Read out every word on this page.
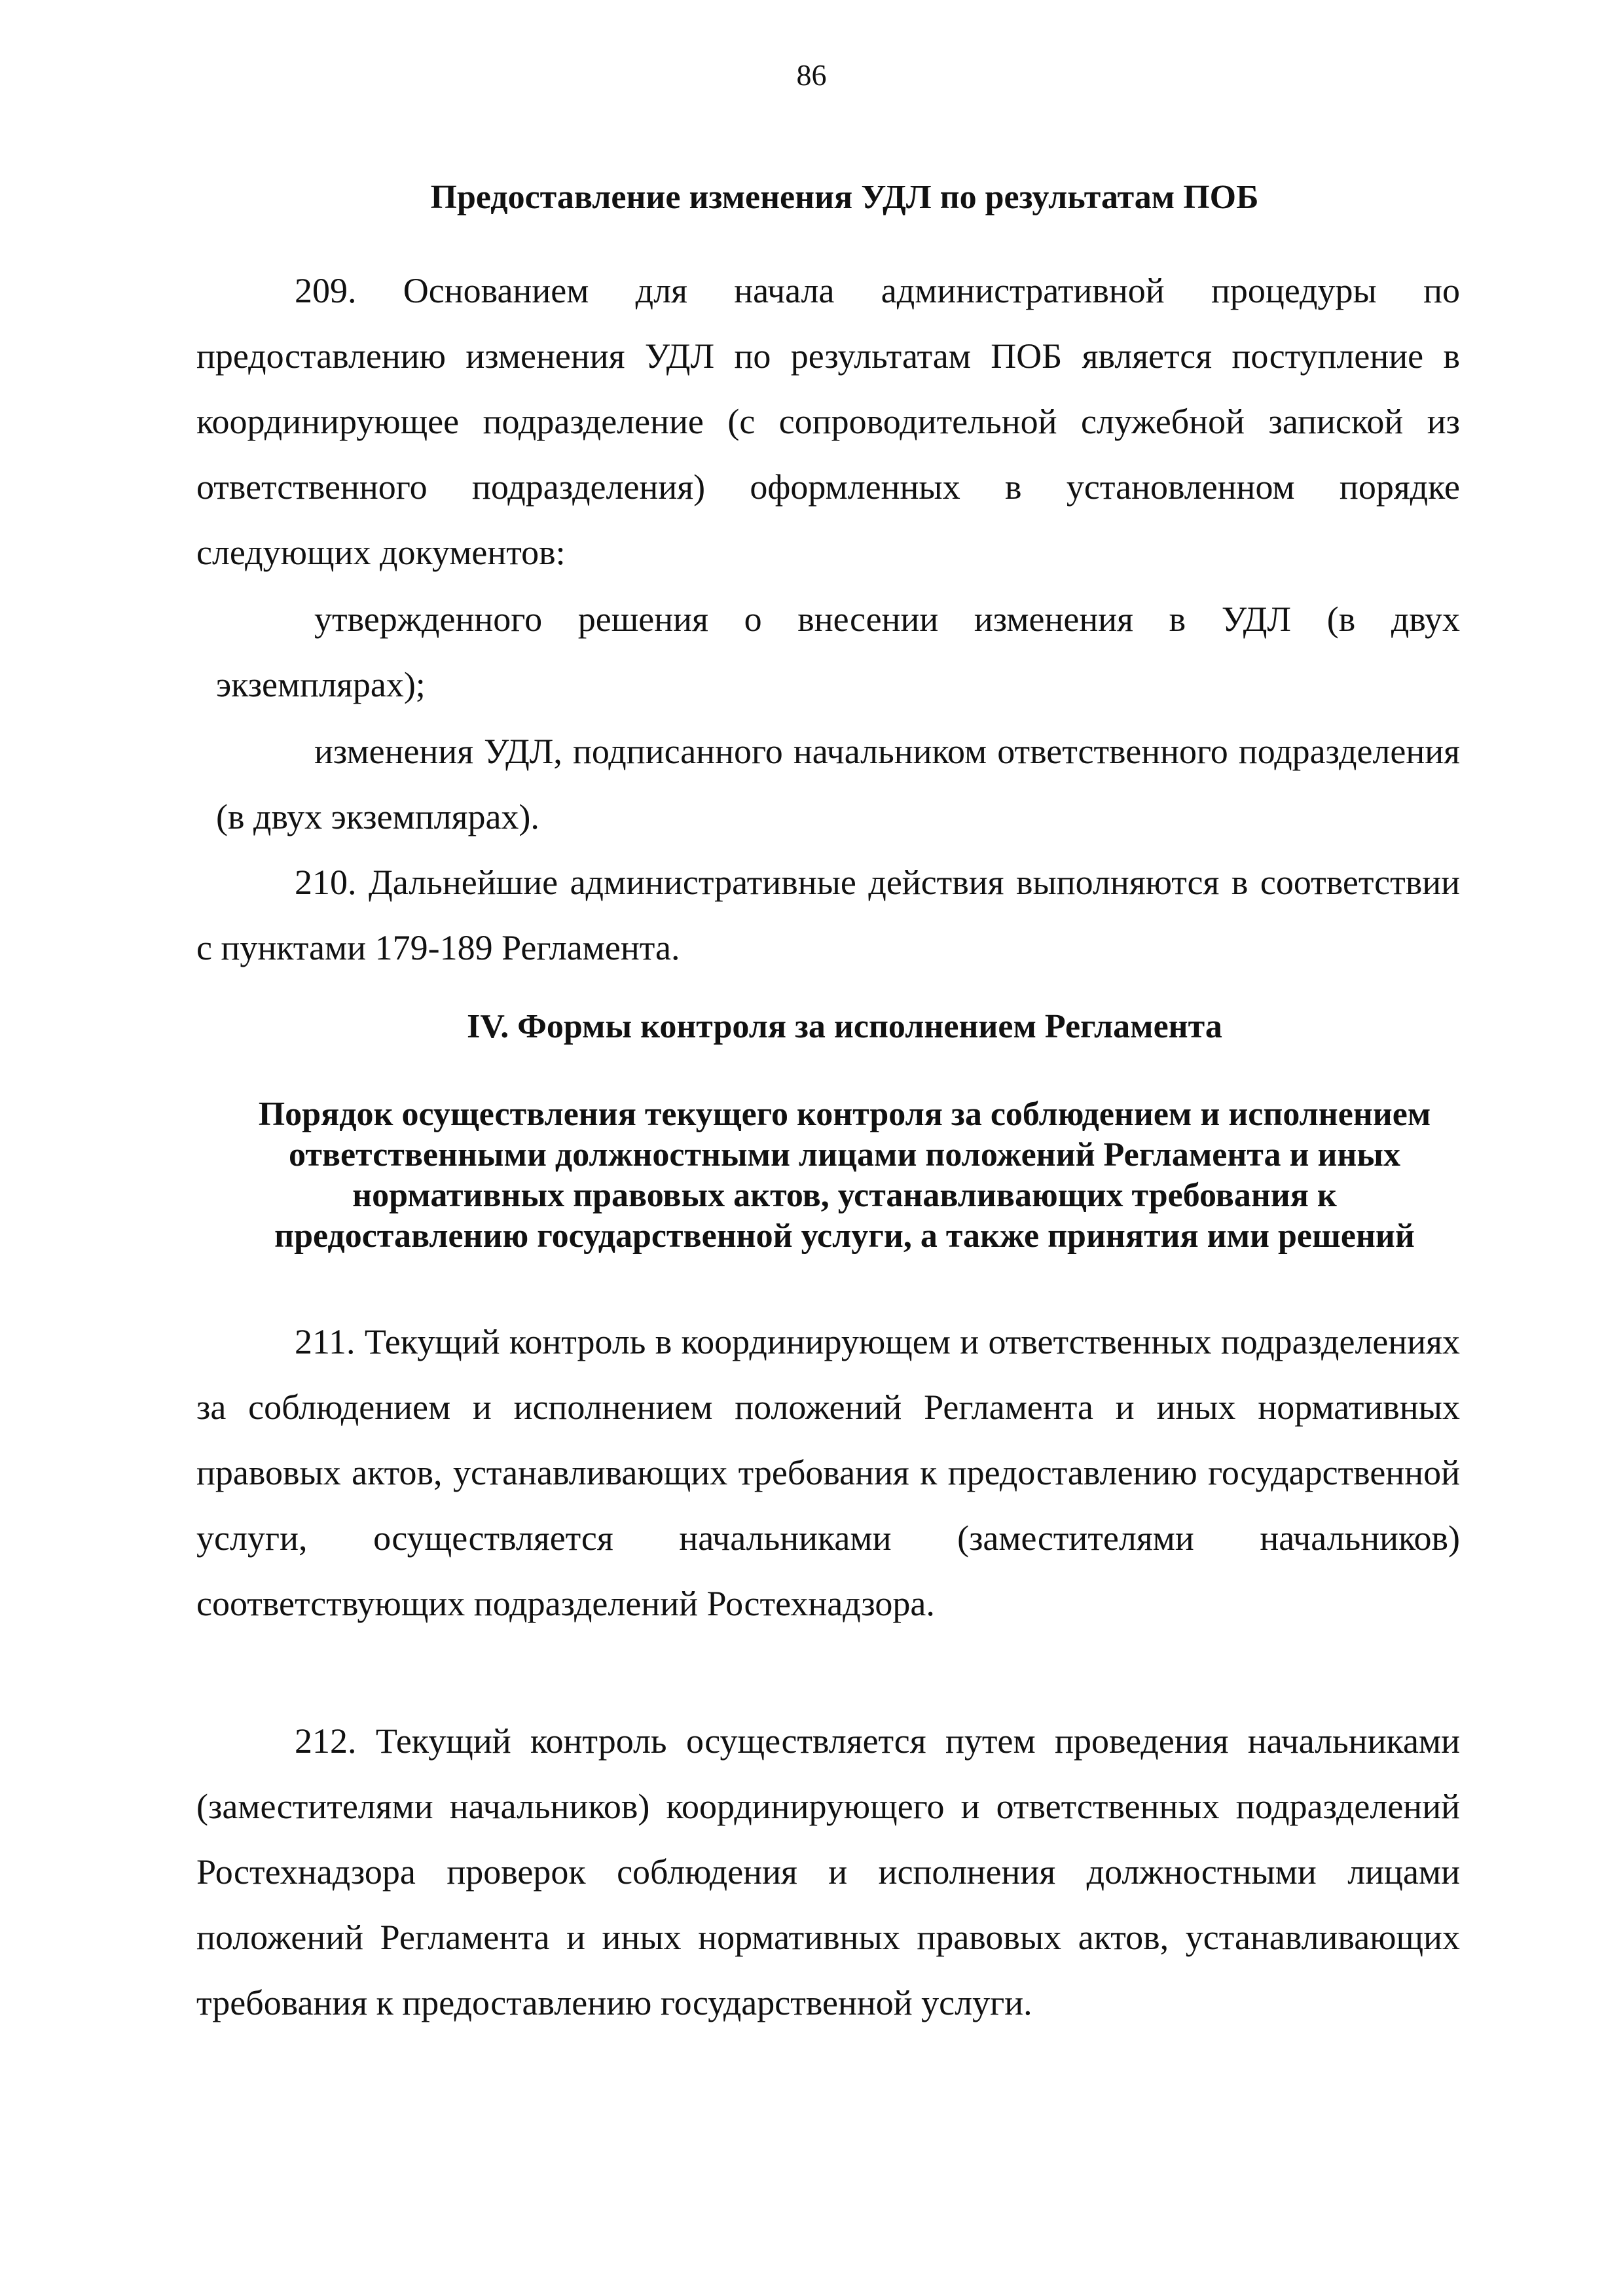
86
Предоставление изменения УДЛ по результатам ПОБ
209. Основанием для начала административной процедуры по предоставлению изменения УДЛ по результатам ПОБ является поступление в координирующее подразделение (с сопроводительной служебной запиской из ответственного подразделения) оформленных в установленном порядке следующих документов:
утвержденного решения о внесении изменения в УДЛ (в двух экземплярах);
изменения УДЛ, подписанного начальником ответственного подразделения (в двух экземплярах).
210. Дальнейшие административные действия выполняются в соответствии с пунктами 179-189 Регламента.
IV. Формы контроля за исполнением Регламента
Порядок осуществления текущего контроля за соблюдением и исполнением ответственными должностными лицами положений Регламента и иных нормативных правовых актов, устанавливающих требования к предоставлению государственной услуги, а также принятия ими решений
211. Текущий контроль в координирующем и ответственных подразделениях за соблюдением и исполнением положений Регламента и иных нормативных правовых актов, устанавливающих требования к предоставлению государственной услуги, осуществляется начальниками (заместителями начальников) соответствующих подразделений Ростехнадзора.
212. Текущий контроль осуществляется путем проведения начальниками (заместителями начальников) координирующего и ответственных подразделений Ростехнадзора проверок соблюдения и исполнения должностными лицами положений Регламента и иных нормативных правовых актов, устанавливающих требования к предоставлению государственной услуги.
